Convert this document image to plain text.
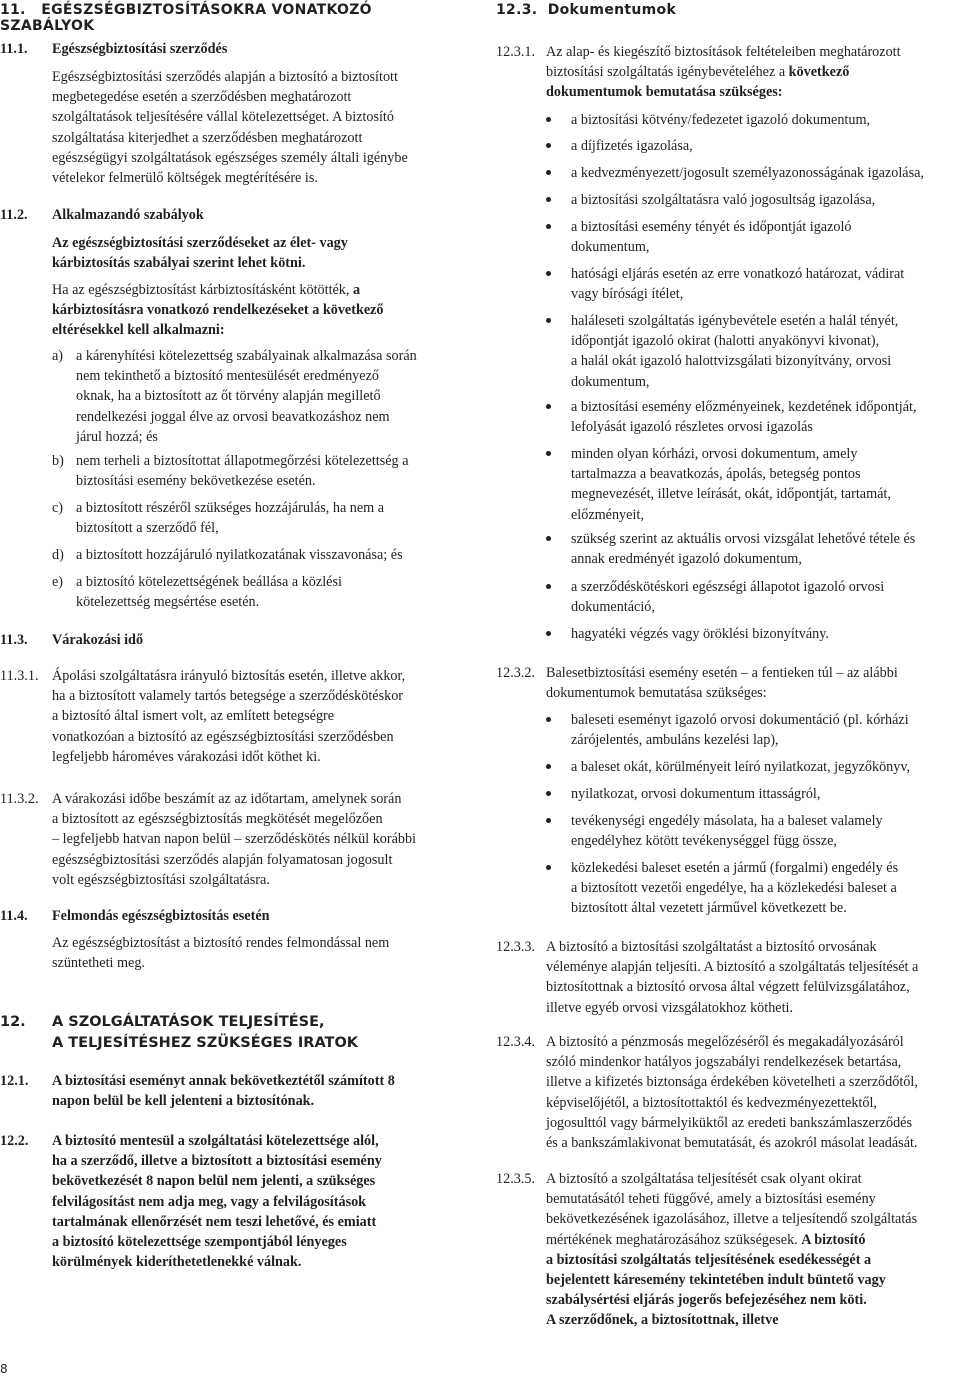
11.   EGÉSZSÉGBIZTOSÍTÁSOKRA VONATKOZÓ SZABÁLYOK
11.1. Egészségbiztosítási szerződés
Egészségbiztosítási szerződés alapján a biztosító a biztosított
megbetegedése esetén a szerződésben meghatározott
szolgáltatások teljesítésére vállal kötelezettséget. A biztosító
szolgáltatása kiterjedhet a szerződésben meghatározott
egészségügyi szolgáltatások egészséges személy általi igénybe
vételekor felmerülő költségek megtérítésére is.
11.2. Alkalmazandó szabályok
Az egészségbiztosítási szerződéseket az élet- vagy
kárbiztosítás szabályai szerint lehet kötni.
Ha az egészségbiztosítást kárbiztosításként kötötték, a
kárbiztosításra vonatkozó rendelkezéseket a következő
eltérésekkel kell alkalmazni:
a) a kárenyhítési kötelezettség szabályainak alkalmazása során
nem tekinthető a biztosító mentesülését eredményező
oknak, ha a biztosított az őt törvény alapján megillető
rendelkezési joggal élve az orvosi beavatkozáshoz nem
járul hozzá; és
b) nem terheli a biztosítottat állapotmegőrzési kötelezettség a
biztosítási esemény bekövetkezése esetén.
c) a biztosított részéről szükséges hozzájárulás, ha nem a
biztosított a szerződő fél,
d) a biztosított hozzájáruló nyilatkozatának visszavonása; és
e) a biztosító kötelezettségének beállása a közlési
kötelezettség megsértése esetén.
11.3. Várakozási idő
11.3.1. Ápolási szolgáltatásra irányuló biztosítás esetén, illetve akkor,
ha a biztosított valamely tartós betegsége a szerződéskötéskor
a biztosító által ismert volt, az említett betegségre
vonatkozóan a biztosító az egészségbiztosítási szerződésben
legfeljebb hároméves várakozási időt köthet ki.
11.3.2. A várakozási időbe beszámít az az időtartam, amelynek során
a biztosított az egészségbiztosítás megkötését megelőzően
– legfeljebb hatvan napon belül – szerződéskötés nélkül korábbi
egészségbiztosítási szerződés alapján folyamatosan jogosult
volt egészségbiztosítási szolgáltatásra.
11.4. Felmondás egészségbiztosítás esetén
Az egészségbiztosítást a biztosító rendes felmondással nem
szüntetheti meg.
12. A SZOLGÁLTATÁSOK TELJESÍTÉSE,
A TELJESÍTÉSHEZ SZÜKSÉGES IRATOK
12.1. A biztosítási eseményt annak bekövetkeztétől számított 8
napon belül be kell jelenteni a biztosítónak.
12.2. A biztosító mentesül a szolgáltatási kötelezettsége alól,
ha a szerződő, illetve a biztosított a biztosítási esemény
bekövetkezését 8 napon belül nem jelenti, a szükséges
felvilágosítást nem adja meg, vagy a felvilágosítások
tartalmának ellenőrzését nem teszi lehetővé, és emiatt
a biztosító kötelezettsége szempontjából lényeges
körülmények kideríthetetlenekké válnak.
12.3.  Dokumentumok
12.3.1. Az alap- és kiegészítő biztosítások feltételeiben meghatározott
biztosítási szolgáltatás igénybevételéhez a következő
dokumentumok bemutatása szükséges:
a biztosítási kötvény/fedezetet igazoló dokumentum,
a díjfizetés igazolása,
a kedvezményezett/jogosult személyazonosságának igazolása,
a biztosítási szolgáltatásra való jogosultság igazolása,
a biztosítási esemény tényét és időpontját igazoló
dokumentum,
hatósági eljárás esetén az erre vonatkozó határozat, vádirat
vagy bírósági ítélet,
haláleseti szolgáltatás igénybevétele esetén a halál tényét,
időpontját igazoló okirat (halotti anyakönyvi kivonat),
a halál okát igazoló halottvizsgálati bizonyítvány, orvosi
dokumentum,
a biztosítási esemény előzményeinek, kezdetének időpontját,
lefolyását igazoló részletes orvosi igazolás
minden olyan kórházi, orvosi dokumentum, amely
tartalmazza a beavatkozás, ápolás, betegség pontos
megnevezését, illetve leírását, okát, időpontját, tartamát,
előzményeit,
szükség szerint az aktuális orvosi vizsgálat lehetővé tétele és
annak eredményét igazoló dokumentum,
a szerződéskötéskori egészségi állapotot igazoló orvosi
dokumentáció,
hagyatéki végzés vagy öröklési bizonyítvány.
12.3.2. Balesetbiztosítási esemény esetén – a fentieken túl – az alábbi
dokumentumok bemutatása szükséges:
baleseti eseményt igazoló orvosi dokumentáció (pl. kórházi
zárójelentés, ambuláns kezelési lap),
a baleset okát, körülményeit leíró nyilatkozat, jegyzőkönyv,
nyilatkozat, orvosi dokumentum ittasságról,
tevékenységi engedély másolata, ha a baleset valamely
engedélyhez kötött tevékenységgel függ össze,
közlekedési baleset esetén a jármű (forgalmi) engedély és
a biztosított vezetői engedélye, ha a közlekedési baleset a
biztosított által vezetett járművel következett be.
12.3.3. A biztosító a biztosítási szolgáltatást a biztosító orvosának
véleménye alapján teljesíti. A biztosító a szolgáltatás teljesítését a
biztosítottnak a biztosító orvosa által végzett felülvizsgálatához,
illetve egyéb orvosi vizsgálatokhoz kötheti.
12.3.4. A biztosító a pénzmosás megelőzéséről és megakadályozásáról
szóló mindenkor hatályos jogszabályi rendelkezések betartása,
illetve a kifizetés biztonsága érdekében követelheti a szerződőtől,
képviselőjétől, a biztosítottaktól és kedvezményezettektől,
jogosulttól vagy bármelyiküktől az eredeti bankszámlaszerződés
és a bankszámlakivonat bemutatását, és azokról másolat leadását.
12.3.5. A biztosító a szolgáltatása teljesítését csak olyant okirat
bemutatásától teheti függővé, amely a biztosítási esemény
bekövetkezésének igazolásához, illetve a teljesítendő szolgáltatás
mértékének meghatározásához szükségesek. A biztosító
a biztosítási szolgáltatás teljesítésének esedékességét a
bejelentett káresemény tekintetében indult büntető vagy
szabálysértési eljárás jogerős befejezéséhez nem köti.
A szerződőnek, a biztosítottnak, illetve
8
